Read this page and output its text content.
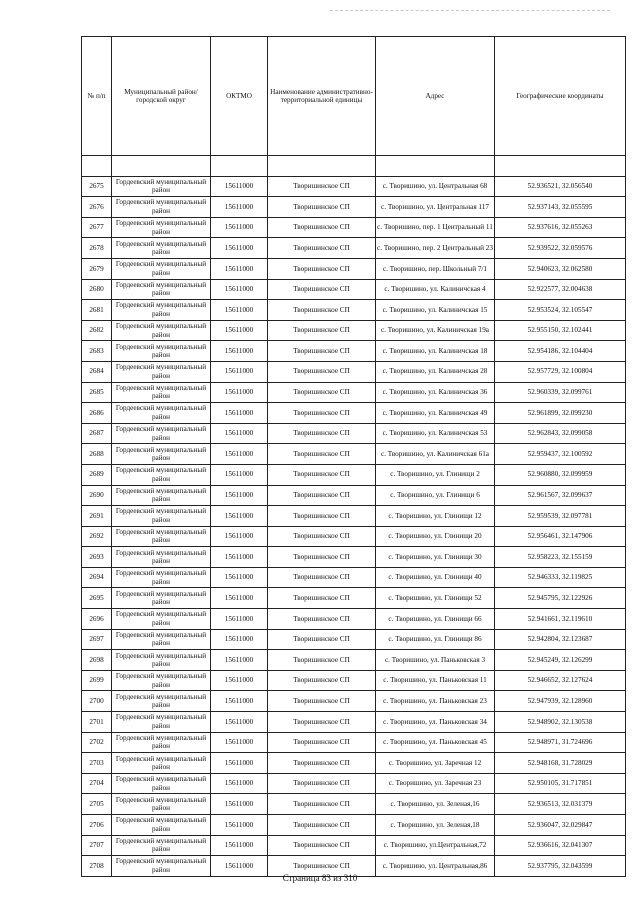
№ п/п	Муниципальный район/городской округ	ОКТМО	Наименование административно-территориальной единицы	Адрес	Географические координаты

2675	Гордеевский муниципальный район	15611000	Творишинское СП	с. Творишино, ул. Центральная 68	52.936521, 32.056540
2676	Гордеевский муниципальный район	15611000	Творишинское СП	с. Творишино, ул. Центральная 117	52.937143, 32.055595
2677	Гордеевский муниципальный район	15611000	Творишинское СП	с. Творишино, пер. 1 Центральный 11	52.937616, 32.055263
2678	Гордеевский муниципальный район	15611000	Творишинское СП	с. Творишино, пер. 2 Центральный 23	52.939522, 32.059576
2679	Гордеевский муниципальный район	15611000	Творишинское СП	с. Творишино, пер. Школьный 7/1	52.940623, 32.062580
2680	Гордеевский муниципальный район	15611000	Творишинское СП	с. Творишино, ул. Калиничская 4	52.922577, 32.004638
2681	Гордеевский муниципальный район	15611000	Творишинское СП	с. Творишино, ул. Калиничская 15	52.953524, 32.105547
2682	Гордеевский муниципальный район	15611000	Творишинское СП	с. Творишино, ул. Калиничская 19а	52.955150, 32.102441
2683	Гордеевский муниципальный район	15611000	Творишинское СП	с. Творишино, ул. Калиничская 18	52.954186, 32.104404
2684	Гордеевский муниципальный район	15611000	Творишинское СП	с. Творишино, ул. Калиничская 28	52.957729, 32.100804
2685	Гордеевский муниципальный район	15611000	Творишинское СП	с. Творишино, ул. Калиничская 36	52.960339, 32.099761
2686	Гордеевский муниципальный район	15611000	Творишинское СП	с. Творишино, ул. Калиничская 49	52.961899, 32.099230
2687	Гордеевский муниципальный район	15611000	Творишинское СП	с. Творишино, ул. Калиничская 53	52.962843, 32.099058
2688	Гордеевский муниципальный район	15611000	Творишинское СП	с. Творишино, ул. Калиничская 61а	52.959437, 32.100592
2689	Гордеевский муниципальный район	15611000	Творишинское СП	с. Творишино, ул. Глинищи 2	52.960880, 32.099959
2690	Гордеевский муниципальный район	15611000	Творишинское СП	с. Творишино, ул. Глинищи 6	52.961567, 32.099637
2691	Гордеевский муниципальный район	15611000	Творишинское СП	с. Творишино, ул. Глинищи 12	52.959539, 32.097781
2692	Гордеевский муниципальный район	15611000	Творишинское СП	с. Творишино, ул. Глинищи 20	52.956461, 32.147906
2693	Гордеевский муниципальный район	15611000	Творишинское СП	с. Творишино, ул. Глинищи 30	52.958223, 32.155159
2694	Гордеевский муниципальный район	15611000	Творишинское СП	с. Творишино, ул. Глинищи 40	52.946333, 32.119825
2695	Гордеевский муниципальный район	15611000	Творишинское СП	с. Творишино, ул. Глинищи 52	52.945795, 32.122926
2696	Гордеевский муниципальный район	15611000	Творишинское СП	с. Творишино, ул. Глинищи 66	52.941661, 32.119610
2697	Гордеевский муниципальный район	15611000	Творишинское СП	с. Творишино, ул. Глинищи 86	52.942804, 32.123687
2698	Гордеевский муниципальный район	15611000	Творишинское СП	с. Творишино, ул. Паньковская 3	52.945249, 32.126299
2699	Гордеевский муниципальный район	15611000	Творишинское СП	с. Творишино, ул. Паньковская 11	52.946652, 32.127624
2700	Гордеевский муниципальный район	15611000	Творишинское СП	с. Творишино, ул. Паньковская 23	52.947939, 32.128960
2701	Гордеевский муниципальный район	15611000	Творишинское СП	с. Творишино, ул. Паньковская 34	52.948902, 32.130538
2702	Гордеевский муниципальный район	15611000	Творишинское СП	с. Творишино, ул. Паньковская 45	52.948971, 31.724696
2703	Гордеевский муниципальный район	15611000	Творишинское СП	с. Творишино, ул. Заречная 12	52.948168, 31.728029
2704	Гордеевский муниципальный район	15611000	Творишинское СП	с. Творишино, ул. Заречная 23	52.950105, 31.717851
2705	Гордеевский муниципальный район	15611000	Творишинское СП	с. Творишино, ул. Зеленая,16	52.936513, 32.031379
2706	Гордеевский муниципальный район	15611000	Творишинское СП	с. Творишино, ул. Зеленая,18	52.936047, 32.029847
2707	Гордеевский муниципальный район	15611000	Творишинское СП	с. Творишино, ул.Центральная,72	52.936616, 32.041307
2708	Гордеевский муниципальный район	15611000	Творишинское СП	с. Творишино, ул. Центральная,86	52.937795, 32.043599
Страница 83 из 310
